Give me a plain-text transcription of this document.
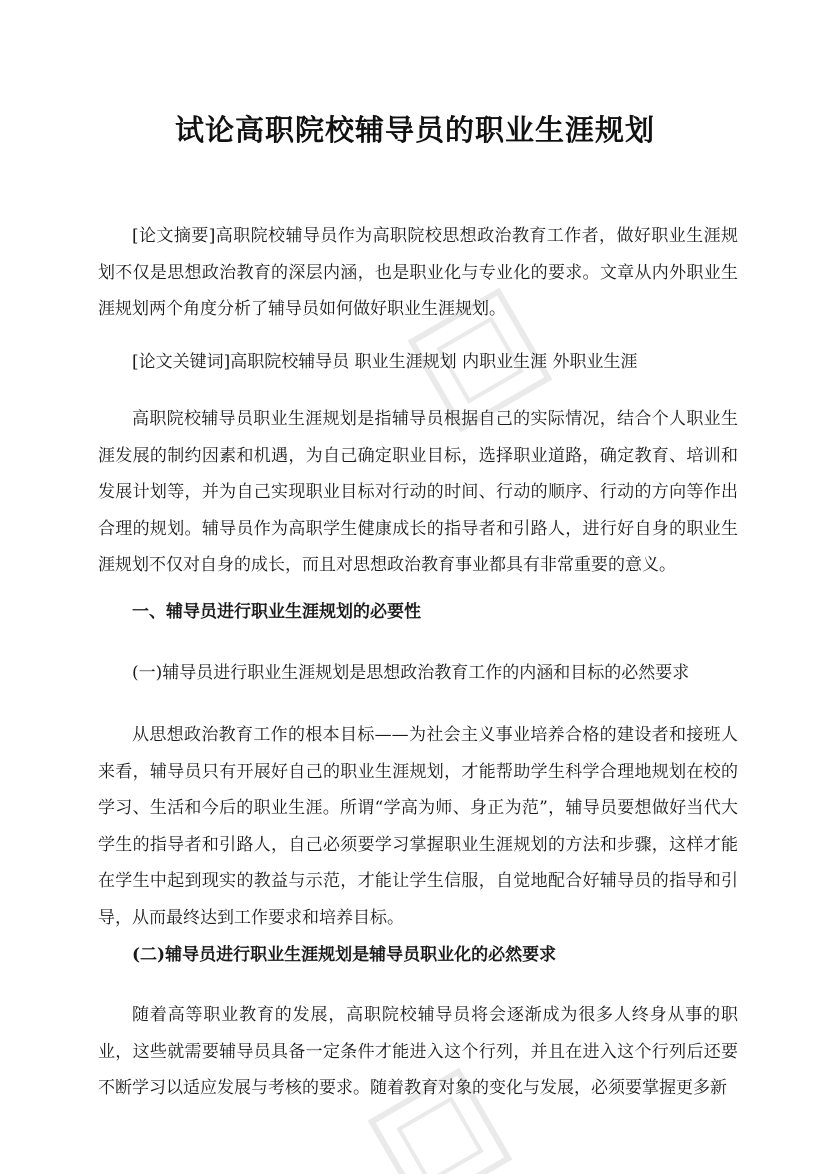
试论高职院校辅导员的职业生涯规划

[论文摘要]高职院校辅导员作为高职院校思想政治教育工作者，做好职业生涯规划不仅是思想政治教育的深层内涵，也是职业化与专业化的要求。文章从内外职业生涯规划两个角度分析了辅导员如何做好职业生涯规划。

[论文关键词]高职院校辅导员 职业生涯规划 内职业生涯 外职业生涯

高职院校辅导员职业生涯规划是指辅导员根据自己的实际情况，结合个人职业生涯发展的制约因素和机遇，为自己确定职业目标，选择职业道路，确定教育、培训和发展计划等，并为自己实现职业目标对行动的时间、行动的顺序、行动的方向等作出合理的规划。辅导员作为高职学生健康成长的指导者和引路人，进行好自身的职业生涯规划不仅对自身的成长，而且对思想政治教育事业都具有非常重要的意义。

一、辅导员进行职业生涯规划的必要性

(一)辅导员进行职业生涯规划是思想政治教育工作的内涵和目标的必然要求

从思想政治教育工作的根本目标——为社会主义事业培养合格的建设者和接班人来看，辅导员只有开展好自己的职业生涯规划，才能帮助学生科学合理地规划在校的学习、生活和今后的职业生涯。所谓“学高为师、身正为范”，辅导员要想做好当代大学生的指导者和引路人，自己必须要学习掌握职业生涯规划的方法和步骤，这样才能在学生中起到现实的教益与示范，才能让学生信服，自觉地配合好辅导员的指导和引导，从而最终达到工作要求和培养目标。

(二)辅导员进行职业生涯规划是辅导员职业化的必然要求

随着高等职业教育的发展，高职院校辅导员将会逐渐成为很多人终身从事的职业，这些就需要辅导员具备一定条件才能进入这个行列，并且在进入这个行列后还要不断学习以适应发展与考核的要求。随着教育对象的变化与发展，必须要掌握更多新
